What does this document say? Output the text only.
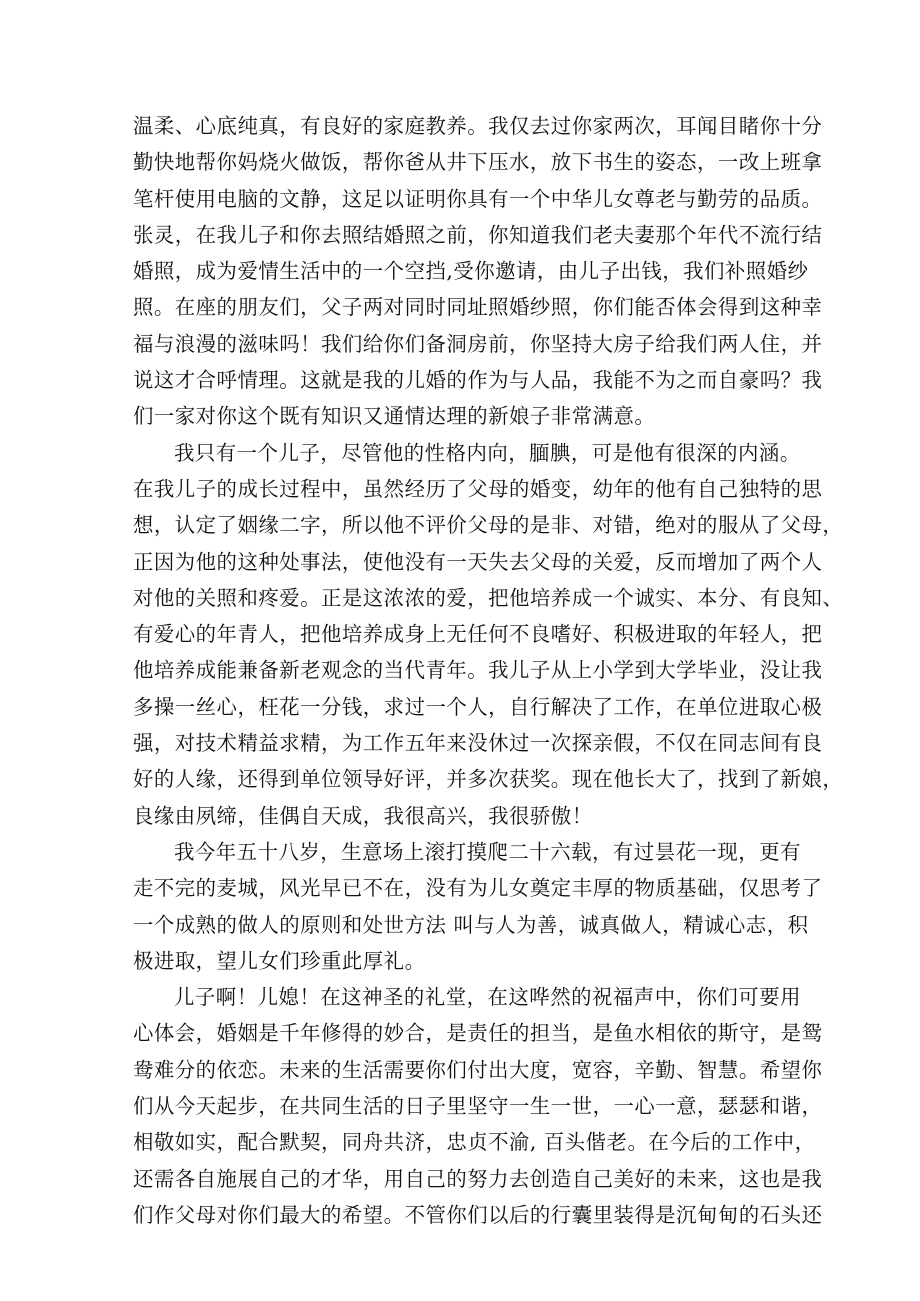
温柔、心底纯真，有良好的家庭教养。我仅去过你家两次，耳闻目睹你十分
勤快地帮你妈烧火做饭，帮你爸从井下压水，放下书生的姿态，一改上班拿
笔杆使用电脑的文静，这足以证明你具有一个中华儿女尊老与勤劳的品质。
张灵，在我儿子和你去照结婚照之前，你知道我们老夫妻那个年代不流行结
婚照，成为爱情生活中的一个空挡,受你邀请，由儿子出钱，我们补照婚纱
照。在座的朋友们，父子两对同时同址照婚纱照，你们能否体会得到这种幸
福与浪漫的滋味吗！我们给你们备洞房前，你坚持大房子给我们两人住，并
说这才合呼情理。这就是我的儿婚的作为与人品，我能不为之而自豪吗？我
们一家对你这个既有知识又通情达理的新娘子非常满意。
我只有一个儿子，尽管他的性格内向，腼腆，可是他有很深的内涵。
在我儿子的成长过程中，虽然经历了父母的婚变，幼年的他有自己独特的思
想，认定了姻缘二字，所以他不评价父母的是非、对错，绝对的服从了父母，
正因为他的这种处事法，使他没有一天失去父母的关爱，反而增加了两个人
对他的关照和疼爱。正是这浓浓的爱，把他培养成一个诚实、本分、有良知、
有爱心的年青人，把他培养成身上无任何不良嗜好、积极进取的年轻人，把
他培养成能兼备新老观念的当代青年。我儿子从上小学到大学毕业，没让我
多操一丝心，枉花一分钱，求过一个人，自行解决了工作，在单位进取心极
强，对技术精益求精，为工作五年来没休过一次探亲假，不仅在同志间有良
好的人缘，还得到单位领导好评，并多次获奖。现在他长大了，找到了新娘，
良缘由夙缔，佳偶自天成，我很高兴，我很骄傲！
我今年五十八岁，生意场上滚打摸爬二十六载，有过昙花一现，更有
走不完的麦城，风光早已不在，没有为儿女奠定丰厚的物质基础，仅思考了
一个成熟的做人的原则和处世方法 叫与人为善，诚真做人，精诚心志，积
极进取，望儿女们珍重此厚礼。
儿子啊！儿媳！在这神圣的礼堂，在这哗然的祝福声中，你们可要用
心体会，婚姻是千年修得的妙合，是责任的担当，是鱼水相依的斯守，是鸳
鸯难分的依恋。未来的生活需要你们付出大度，宽容，辛勤、智慧。希望你
们从今天起步，在共同生活的日子里坚守一生一世，一心一意，瑟瑟和谐，
相敬如实，配合默契，同舟共济，忠贞不渝, 百头偕老。在今后的工作中，
还需各自施展自己的才华，用自己的努力去创造自己美好的未来，这也是我
们作父母对你们最大的希望。不管你们以后的行囊里装得是沉甸甸的石头还
